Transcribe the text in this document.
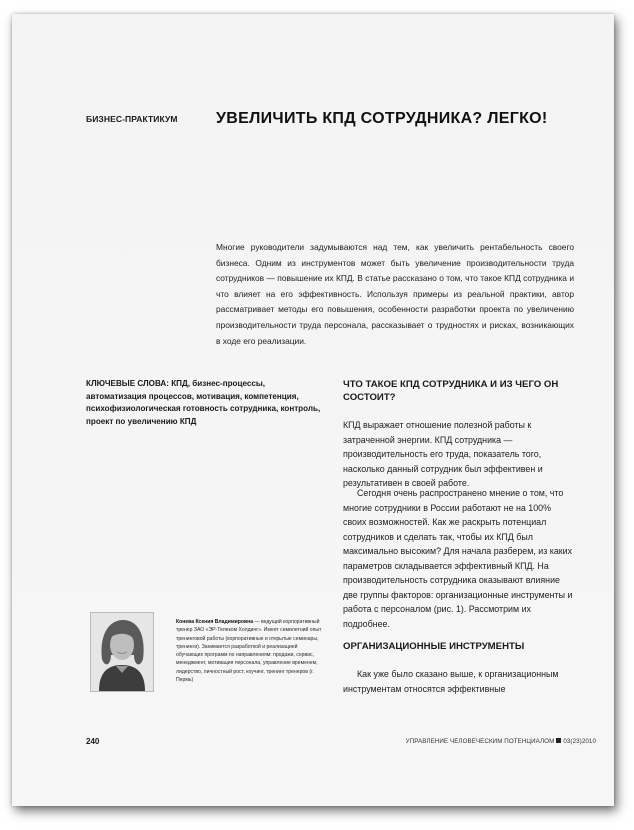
БИЗНЕС-ПРАКТИКУМ УВЕЛИЧИТЬ КПД СОТРУДНИКА? ЛЕГКО!

Многие руководители задумываются над тем, как увеличить рентабельность своего бизнеса. Одним из инструментов может быть увеличение производительности труда сотрудников — повышение их КПД. В статье рассказано о том, что такое КПД сотрудника и что влияет на его эффективность. Используя примеры из реальной практики, автор рассматривает методы его повышения, особенности разработки проекта по увеличению производительности труда персонала, рассказывает о трудностях и рисках, возникающих в ходе его реализации.

КЛЮЧЕВЫЕ СЛОВА: КПД, бизнес-процессы, автоматизация процессов, мотивация, компетенция, психофизиологическая готовность сотрудника, контроль, проект по увеличению КПД

ЧТО ТАКОЕ КПД СОТРУДНИКА И ИЗ ЧЕГО ОН СОСТОИТ?

КПД выражает отношение полезной работы к затраченной энергии. КПД сотрудника — производительность его труда, показатель того, насколько данный сотрудник был эффективен и результативен в своей работе.

Сегодня очень распространено мнение о том, что многие сотрудники в России работают не на 100% своих возможностей. Как же раскрыть потенциал сотрудников и сделать так, чтобы их КПД был максимально высоким? Для начала разберем, из каких параметров складывается эффективный КПД. На производительность сотрудника оказывают влияние две группы факторов: организационные инструменты и работа с персоналом (рис. 1). Рассмотрим их подробнее.

ОРГАНИЗАЦИОННЫЕ ИНСТРУМЕНТЫ

Как уже было сказано выше, к организационным инструментам относятся эффективные

Конева Ксения Владимировна — ведущий корпоративный тренер ЗАО «ЭР-Телеком Холдинг». Имеет семилетний опыт тренинговой работы (корпоративные и открытые семинары, тренинги). Занимается разработкой и реализацией обучающих программ по направлениям: продажи, сервис, менеджмент, мотивация персонала, управление временем, лидерство, личностный рост, коучинг, тренинг тренеров (г. Пермь)

240	УПРАВЛЕНИЕ ЧЕЛОВЕЧЕСКИМ ПОТЕНЦИАЛОМ 03(23)2010
